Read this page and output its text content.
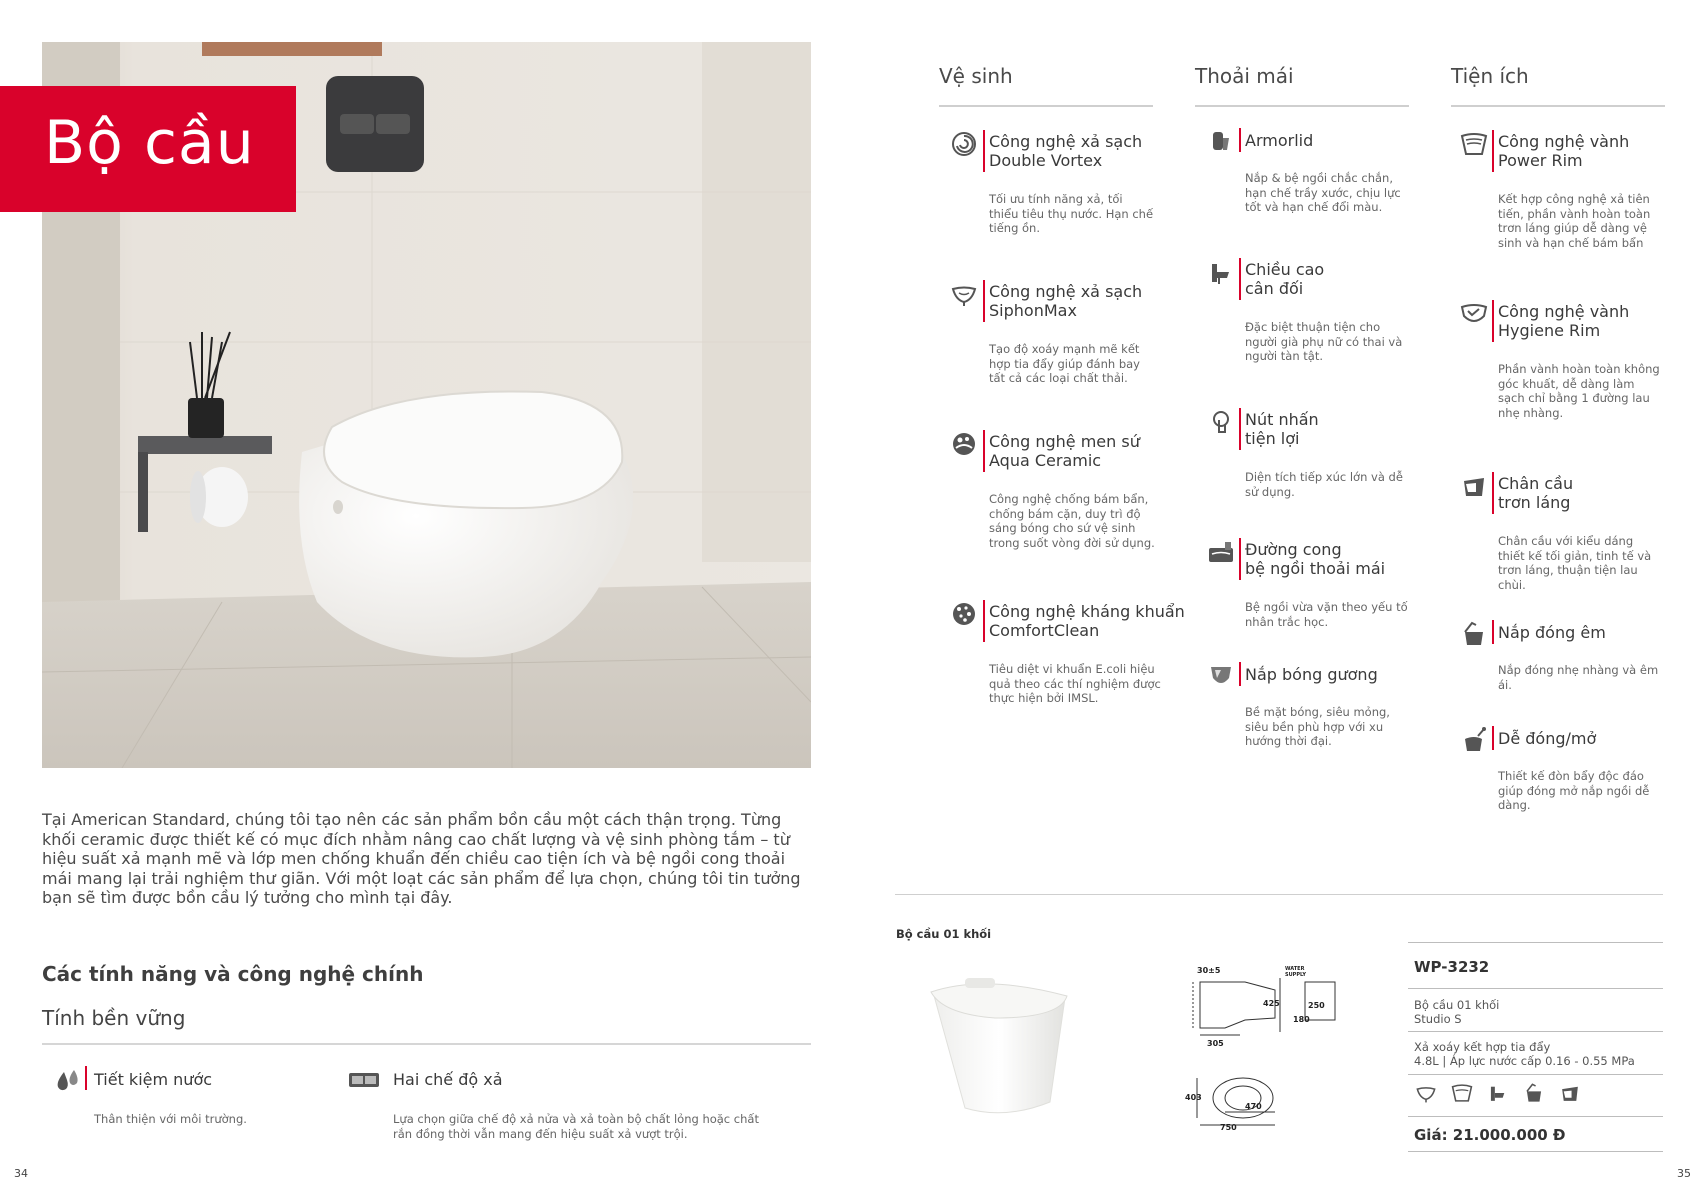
Bộ cầu

Tại American Standard, chúng tôi tạo nên các sản phẩm bồn cầu một cách thận trọng. Từng khối ceramic được thiết kế có mục đích nhằm nâng cao chất lượng và vệ sinh phòng tắm – từ hiệu suất xả mạnh mẽ và lớp men chống khuẩn đến chiều cao tiện ích và bệ ngồi cong thoải mái mang lại trải nghiệm thư giãn. Với một loạt các sản phẩm để lựa chọn, chúng tôi tin tưởng bạn sẽ tìm được bồn cầu lý tưởng cho mình tại đây.

Các tính năng và công nghệ chính
Tính bền vững
Tiết kiệm nước
Thân thiện với môi trường.
Hai chế độ xả
Lựa chọn giữa chế độ xả nửa và xả toàn bộ chất lỏng hoặc chất rắn đồng thời vẫn mang đến hiệu suất xả vượt trội.
34
Vệ sinh	Thoải mái	Tiện ích
Công nghệ xả sạch
Double Vortex
Tối ưu tính năng xả, tối thiểu tiêu thụ nước. Hạn chế tiếng ồn.
Công nghệ xả sạch
SiphonMax
Tạo độ xoáy mạnh mẽ kết hợp tia đẩy giúp đánh bay tất cả các loại chất thải.
Công nghệ men sứ
Aqua Ceramic
Công nghệ chống bám bẩn, chống bám cặn, duy trì độ sáng bóng cho sứ vệ sinh trong suốt vòng đời sử dụng.
Công nghệ kháng khuẩn
ComfortClean
Tiêu diệt vi khuẩn E.coli hiệu quả theo các thí nghiệm được thực hiện bởi IMSL.
Armorlid
Nắp & bệ ngồi chắc chắn, hạn chế trầy xước, chịu lực tốt và hạn chế đổi màu.
Chiều cao
cân đối
Đặc biệt thuận tiện cho người già phụ nữ có thai và người tàn tật.
Nút nhấn
tiện lợi
Diện tích tiếp xúc lớn và dễ sử dụng.
Đường cong
bệ ngồi thoải mái
Bệ ngồi vừa vặn theo yếu tố nhân trắc học.
Nắp bóng gương
Bề mặt bóng, siêu mỏng, siêu bền phù hợp với xu hướng thời đại.
Công nghệ vành
Power Rim
Kết hợp công nghệ xả tiên tiến, phần vành hoàn toàn trơn láng giúp dễ dàng vệ sinh và hạn chế bám bẩn
Công nghệ vành
Hygiene Rim
Phần vành hoàn toàn không góc khuất, dễ dàng làm sạch chỉ bằng 1 đường lau nhẹ nhàng.
Chân cầu
trơn láng
Chân cầu với kiểu dáng thiết kế tối giản, tinh tế và trơn láng, thuận tiện lau chùi.
Nắp đóng êm
Nắp đóng nhẹ nhàng và êm ái.
Dễ đóng/mở
Thiết kế đòn bẩy độc đáo giúp đóng mở nắp ngồi dễ dàng.
Bộ cầu 01 khối
30±5	WATER
SUPPLY
425	250
180
305
403
470
750
WP-3232
Bộ cầu 01 khối
Studio S
Xả xoáy kết hợp tia đẩy
4.8L | Áp lực nước cấp 0.16 - 0.55 MPa
Giá: 21.000.000 Đ
35
